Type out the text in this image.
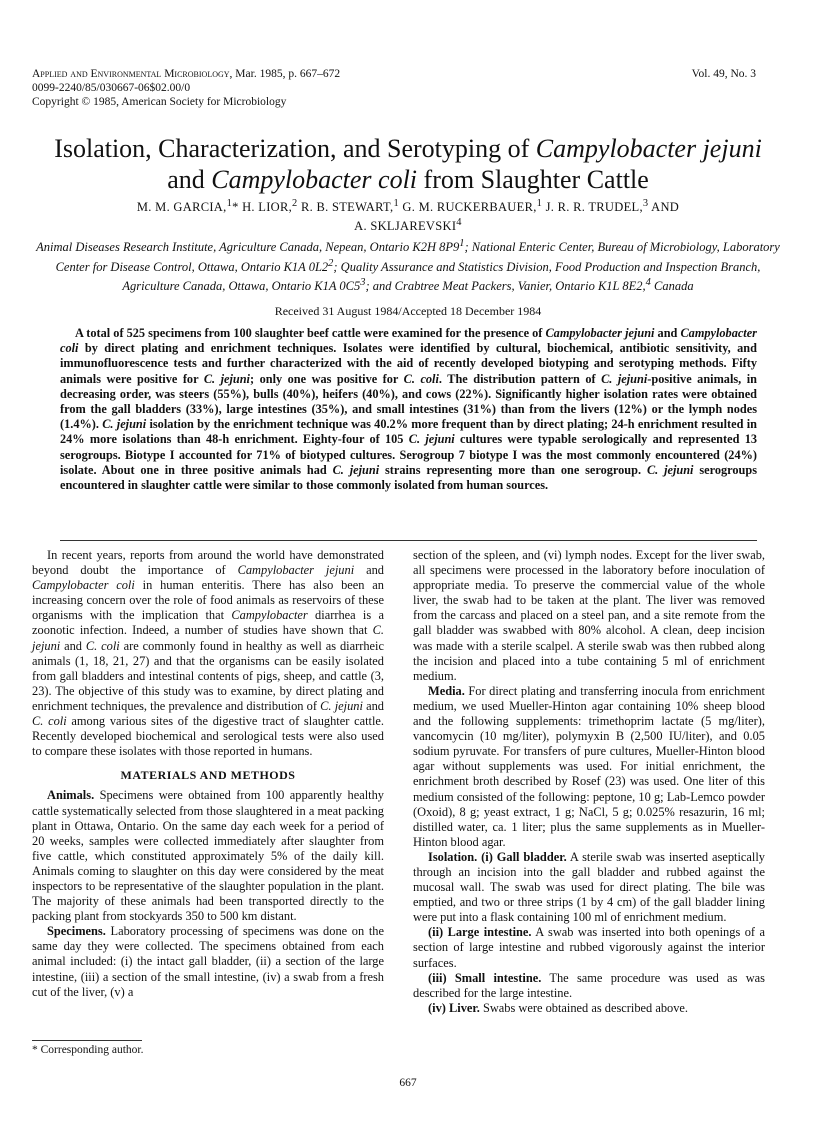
Applied and Environmental Microbiology, Mar. 1985, p. 667–672
0099-2240/85/030667-06$02.00/0
Copyright © 1985, American Society for Microbiology
Vol. 49, No. 3
Isolation, Characterization, and Serotyping of Campylobacter jejuni
and Campylobacter coli from Slaughter Cattle
M. M. GARCIA,$^1$* H. LIOR,$^2$ R. B. STEWART,$^1$ G. M. RUCKERBAUER,$^1$ J. R. R. TRUDEL,$^3$ AND
A. SKLJAREVSKI$^4$
Animal Diseases Research Institute, Agriculture Canada, Nepean, Ontario K2H $8P9^1$; National Enteric Center, Bureau of Microbiology, Laboratory Center for Disease Control, Ottawa, Ontario K1A $0L2^2$; Quality Assurance and Statistics Division, Food Production and Inspection Branch, Agriculture Canada, Ottawa, Ontario K1A $0C5^3$; and Crabtree Meat Packers, Vanier, Ontario K1L 8E2,$^4$ Canada
Received 31 August 1984/Accepted 18 December 1984

A total of 525 specimens from 100 slaughter beef cattle were examined for the presence of Campylobacter jejuni and Campylobacter coli by direct plating and enrichment techniques. Isolates were identified by cultural, biochemical, antibiotic sensitivity, and immunofluorescence tests and further characterized with the aid of recently developed biotyping and serotyping methods. Fifty animals were positive for C. jejuni; only one was positive for C. coli. The distribution pattern of C. jejuni-positive animals, in decreasing order, was steers (55%), bulls (40%), heifers (40%), and cows (22%). Significantly higher isolation rates were obtained from the gall bladders (33%), large intestines (35%), and small intestines (31%) than from the livers (12%) or the lymph nodes (1.4%). C. jejuni isolation by the enrichment technique was 40.2% more frequent than by direct plating; 24-h enrichment resulted in 24% more isolations than 48-h enrichment. Eighty-four of 105 C. jejuni cultures were typable serologically and represented 13 serogroups. Biotype I accounted for 71% of biotyped cultures. Serogroup 7 biotype I was the most commonly encountered (24%) isolate. About one in three positive animals had C. jejuni strains representing more than one serogroup. C. jejuni serogroups encountered in slaughter cattle were similar to those commonly isolated from human sources.

In recent years, reports from around the world have demonstrated beyond doubt the importance of Campylobacter jejuni and Campylobacter coli in human enteritis. There has also been an increasing concern over the role of food animals as reservoirs of these organisms with the implication that Campylobacter diarrhea is a zoonotic infection. Indeed, a number of studies have shown that C. jejuni and C. coli are commonly found in healthy as well as diarrheic animals (1, 18, 21, 27) and that the organisms can be easily isolated from gall bladders and intestinal contents of pigs, sheep, and cattle (3, 23). The objective of this study was to examine, by direct plating and enrichment techniques, the prevalence and distribution of C. jejuni and C. coli among various sites of the digestive tract of slaughter cattle. Recently developed biochemical and serological tests were also used to compare these isolates with those reported in humans.

MATERIALS AND METHODS

Animals. Specimens were obtained from 100 apparently healthy cattle systematically selected from those slaughtered in a meat packing plant in Ottawa, Ontario. On the same day each week for a period of 20 weeks, samples were collected immediately after slaughter from five cattle, which constituted approximately 5% of the daily kill. Animals coming to slaughter on this day were considered by the meat inspectors to be representative of the slaughter population in the plant. The majority of these animals had been transported directly to the packing plant from stockyards 350 to 500 km distant.

Specimens. Laboratory processing of specimens was done on the same day they were collected. The specimens obtained from each animal included: (i) the intact gall bladder, (ii) a section of the large intestine, (iii) a section of the small intestine, (iv) a swab from a fresh cut of the liver, (v) a

section of the spleen, and (vi) lymph nodes. Except for the liver swab, all specimens were processed in the laboratory before inoculation of appropriate media. To preserve the commercial value of the whole liver, the swab had to be taken at the plant. The liver was removed from the carcass and placed on a steel pan, and a site remote from the gall bladder was swabbed with 80% alcohol. A clean, deep incision was made with a sterile scalpel. A sterile swab was then rubbed along the incision and placed into a tube containing 5 ml of enrichment medium.

Media. For direct plating and transferring inocula from enrichment medium, we used Mueller-Hinton agar containing 10% sheep blood and the following supplements: trimethoprim lactate (5 mg/liter), vancomycin (10 mg/liter), polymyxin B (2,500 IU/liter), and 0.05 sodium pyruvate. For transfers of pure cultures, Mueller-Hinton blood agar without supplements was used. For initial enrichment, the enrichment broth described by Rosef (23) was used. One liter of this medium consisted of the following: peptone, 10 g; Lab-Lemco powder (Oxoid), 8 g; yeast extract, 1 g; NaCl, 5 g; 0.025% resazurin, 16 ml; distilled water, ca. 1 liter; plus the same supplements as in Mueller-Hinton blood agar.

Isolation. (i) Gall bladder. A sterile swab was inserted aseptically through an incision into the gall bladder and rubbed against the mucosal wall. The swab was used for direct plating. The bile was emptied, and two or three strips (1 by 4 cm) of the gall bladder lining were put into a flask containing 100 ml of enrichment medium.

(ii) Large intestine. A swab was inserted into both openings of a section of large intestine and rubbed vigorously against the interior surfaces.

(iii) Small intestine. The same procedure was used as was described for the large intestine.

(iv) Liver. Swabs were obtained as described above.

* Corresponding author.
667
